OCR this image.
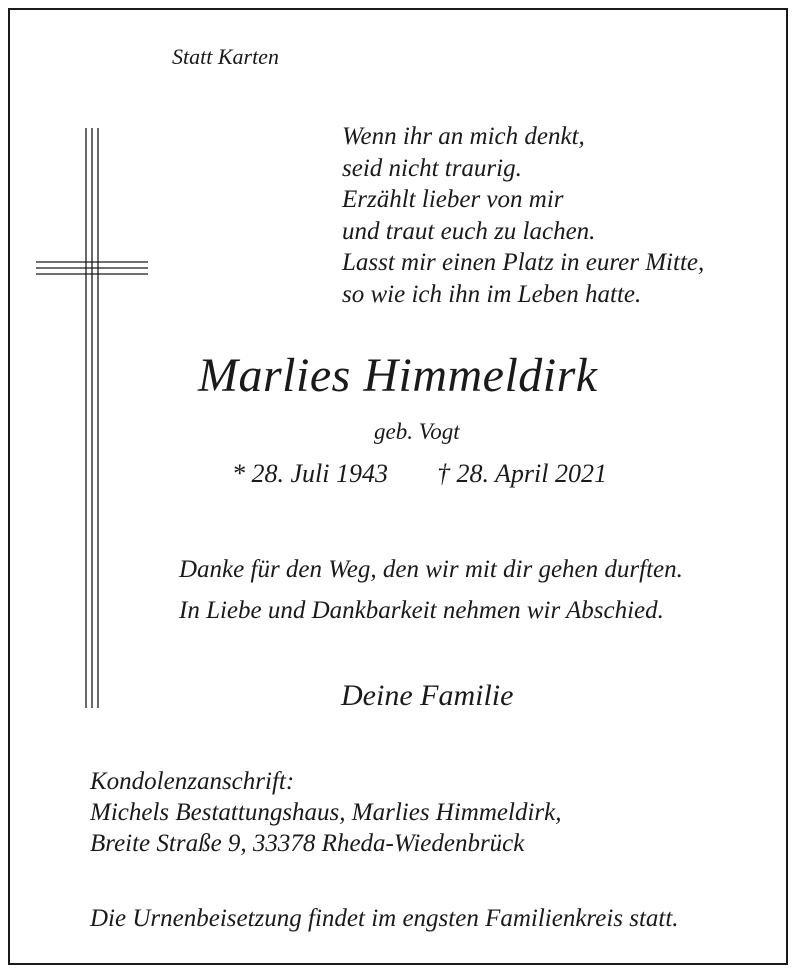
Statt Karten
Wenn ihr an mich denkt,
seid nicht traurig.
Erzählt lieber von mir
und traut euch zu lachen.
Lasst mir einen Platz in eurer Mitte,
so wie ich ihn im Leben hatte.
Marlies Himmeldirk
geb. Vogt
* 28. Juli 1943 † 28. April 2021
Danke für den Weg, den wir mit dir gehen durften.
In Liebe und Dankbarkeit nehmen wir Abschied.
Deine Familie
Kondolenzanschrift:
Michels Bestattungshaus, Marlies Himmeldirk,
Breite Straße 9, 33378 Rheda-Wiedenbrück
Die Urnenbeisetzung findet im engsten Familienkreis statt.
